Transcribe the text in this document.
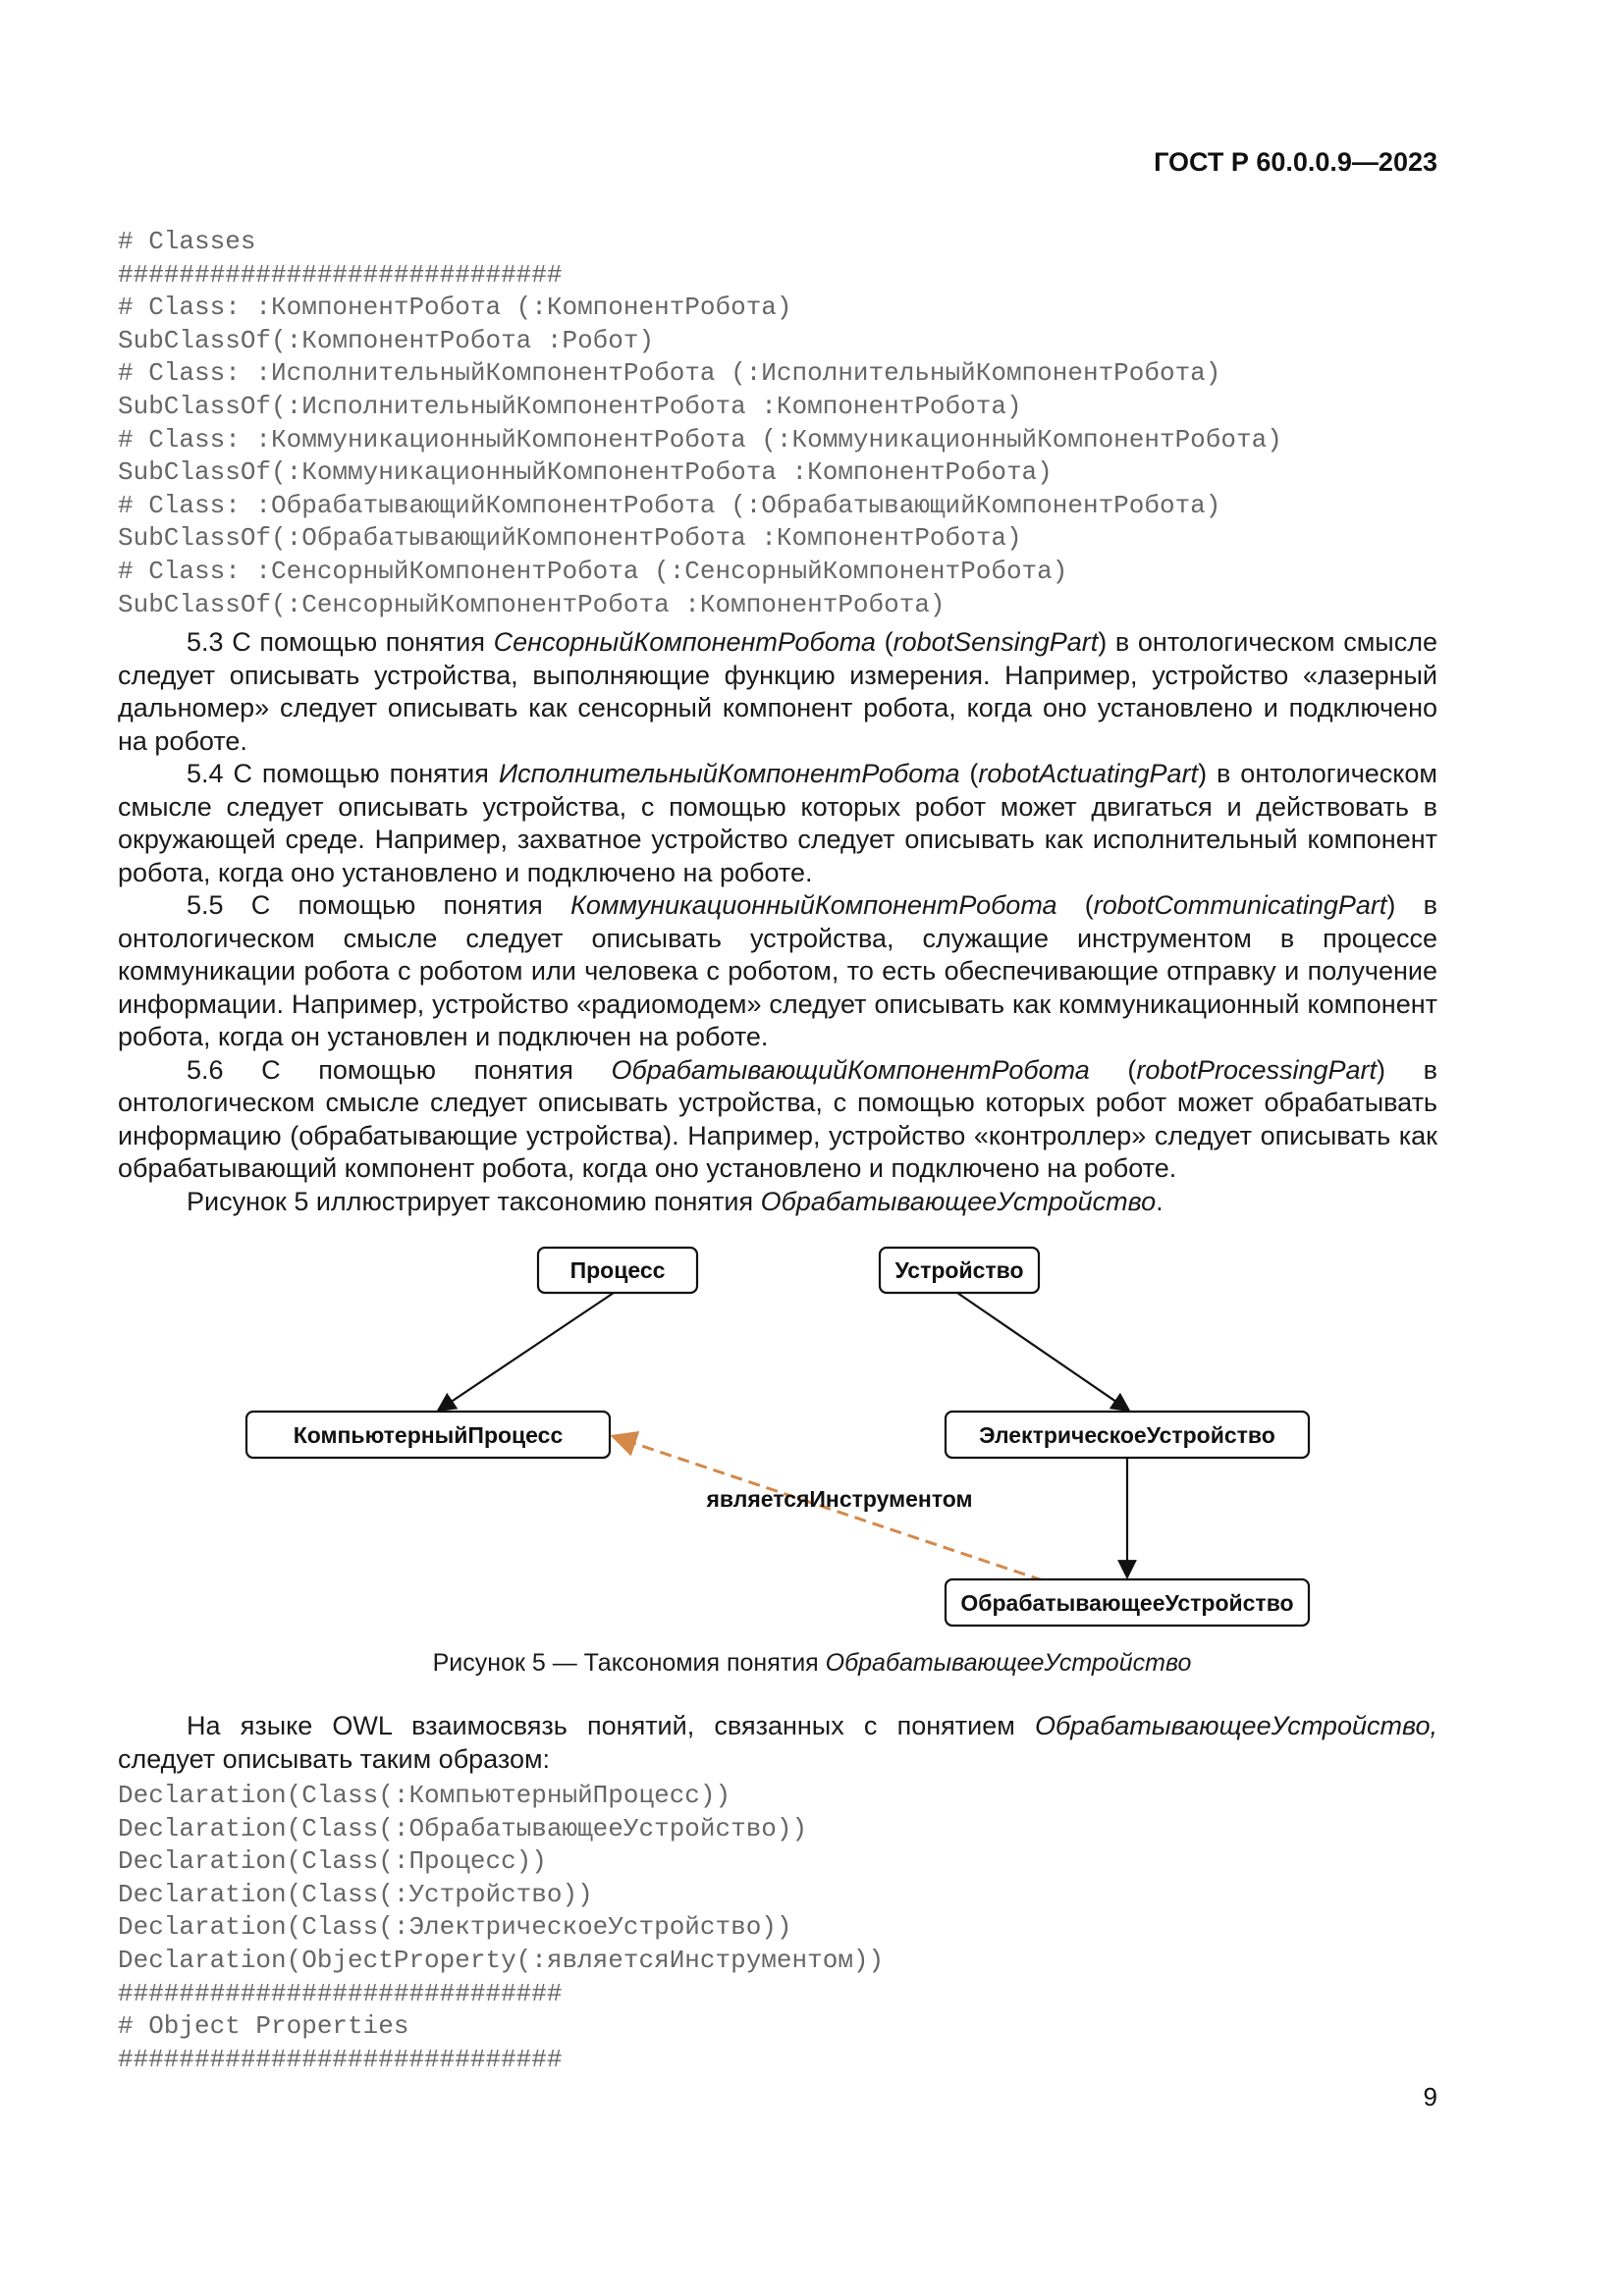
ГОСТ Р 60.0.0.9—2023
# Classes
#############################
# Class: :КомпонентРобота (:КомпонентРобота)
SubClassOf(:КомпонентРобота :Робот)
# Class: :ИсполнительныйКомпонентРобота (:ИсполнительныйКомпонентРобота)
SubClassOf(:ИсполнительныйКомпонентРобота :КомпонентРобота)
# Class: :КоммуникационныйКомпонентРобота (:КоммуникационныйКомпонентРобота)
SubClassOf(:КоммуникационныйКомпонентРобота :КомпонентРобота)
# Class: :ОбрабатывающийКомпонентРобота (:ОбрабатывающийКомпонентРобота)
SubClassOf(:ОбрабатывающийКомпонентРобота :КомпонентРобота)
# Class: :СенсорныйКомпонентРобота (:СенсорныйКомпонентРобота)
SubClassOf(:СенсорныйКомпонентРобота :КомпонентРобота)

5.3 С помощью понятия СенсорныйКомпонентРобота (robotSensingPart) в онтологическом смысле следует описывать устройства, выполняющие функцию измерения. Например, устройство «лазерный дальномер» следует описывать как сенсорный компонент робота, когда оно установлено и подключено на роботе.

5.4 С помощью понятия ИсполнительныйКомпонентРобота (robotActuatingPart) в онтологическом смысле следует описывать устройства, с помощью которых робот может двигаться и действовать в окружающей среде. Например, захватное устройство следует описывать как исполнительный компонент робота, когда оно установлено и подключено на роботе.

5.5 С помощью понятия КоммуникационныйКомпонентРобота (robotCommunicatingPart) в онтологическом смысле следует описывать устройства, служащие инструментом в процессе коммуникации робота с роботом или человека с роботом, то есть обеспечивающие отправку и получение информации. Например, устройство «радиомодем» следует описывать как коммуникационный компонент робота, когда он установлен и подключен на роботе.

5.6 С помощью понятия ОбрабатывающийКомпонентРобота (robotProcessingPart) в онтологическом смысле следует описывать устройства, с помощью которых робот может обрабатывать информацию (обрабатывающие устройства). Например, устройство «контроллер» следует описывать как обрабатывающий компонент робота, когда оно установлено и подключено на роботе.

Рисунок 5 иллюстрирует таксономию понятия ОбрабатывающееУстройство.

Процесс	Устройство
КомпьютерныйПроцесс	ЭлектрическоеУстройство
ОбрабатывающееУстройство
являетсяИнструментом
Рисунок 5 — Таксономия понятия ОбрабатывающееУстройство

На языке OWL взаимосвязь понятий, связанных с понятием ОбрабатывающееУстройство, следует описывать таким образом:

Declaration(Class(:КомпьютерныйПроцесс))
Declaration(Class(:ОбрабатывающееУстройство))
Declaration(Class(:Процесс))
Declaration(Class(:Устройство))
Declaration(Class(:ЭлектрическоеУстройство))
Declaration(ObjectProperty(:являетсяИнструментом))
#############################
# Object Properties
#############################
9
